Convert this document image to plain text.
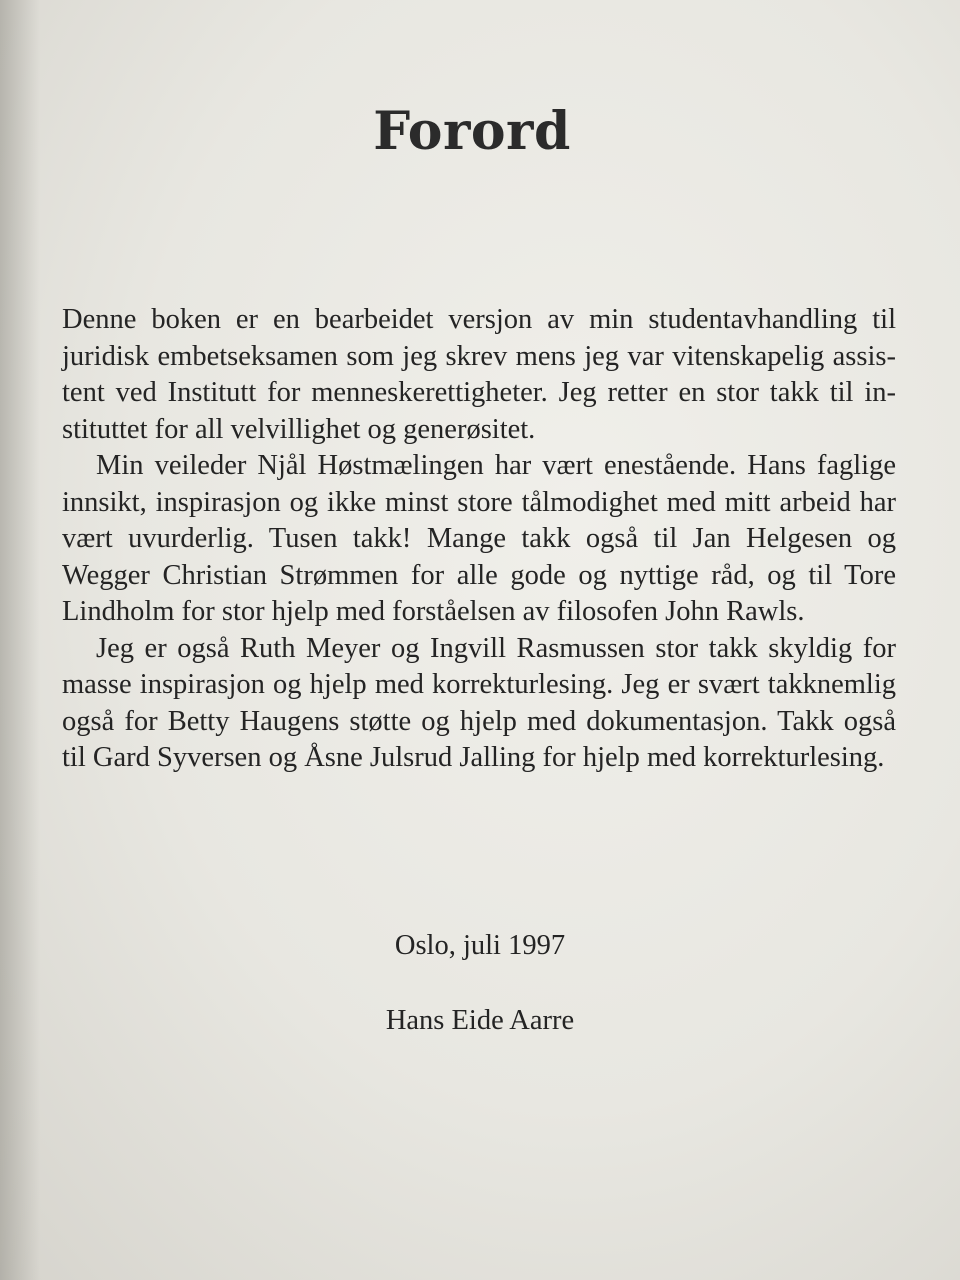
Forord

Denne boken er en bearbeidet versjon av min studentavhandling til juridisk embetseksamen som jeg skrev mens jeg var vitenskapelig assistent ved Institutt for menneskerettigheter. Jeg retter en stor takk til instituttet for all velvillighet og generøsitet.

Min veileder Njål Høstmælingen har vært enestående. Hans faglige innsikt, inspirasjon og ikke minst store tålmodighet med mitt arbeid har vært uvurderlig. Tusen takk! Mange takk også til Jan Helgesen og Wegger Christian Strømmen for alle gode og nyttige råd, og til Tore Lindholm for stor hjelp med forståelsen av filosofen John Rawls.

Jeg er også Ruth Meyer og Ingvill Rasmussen stor takk skyldig for masse inspirasjon og hjelp med korrekturlesing. Jeg er svært takknemlig også for Betty Haugens støtte og hjelp med dokumentasjon. Takk også til Gard Syversen og Åsne Julsrud Jalling for hjelp med korrekturlesing.

Oslo, juli 1997
Hans Eide Aarre
